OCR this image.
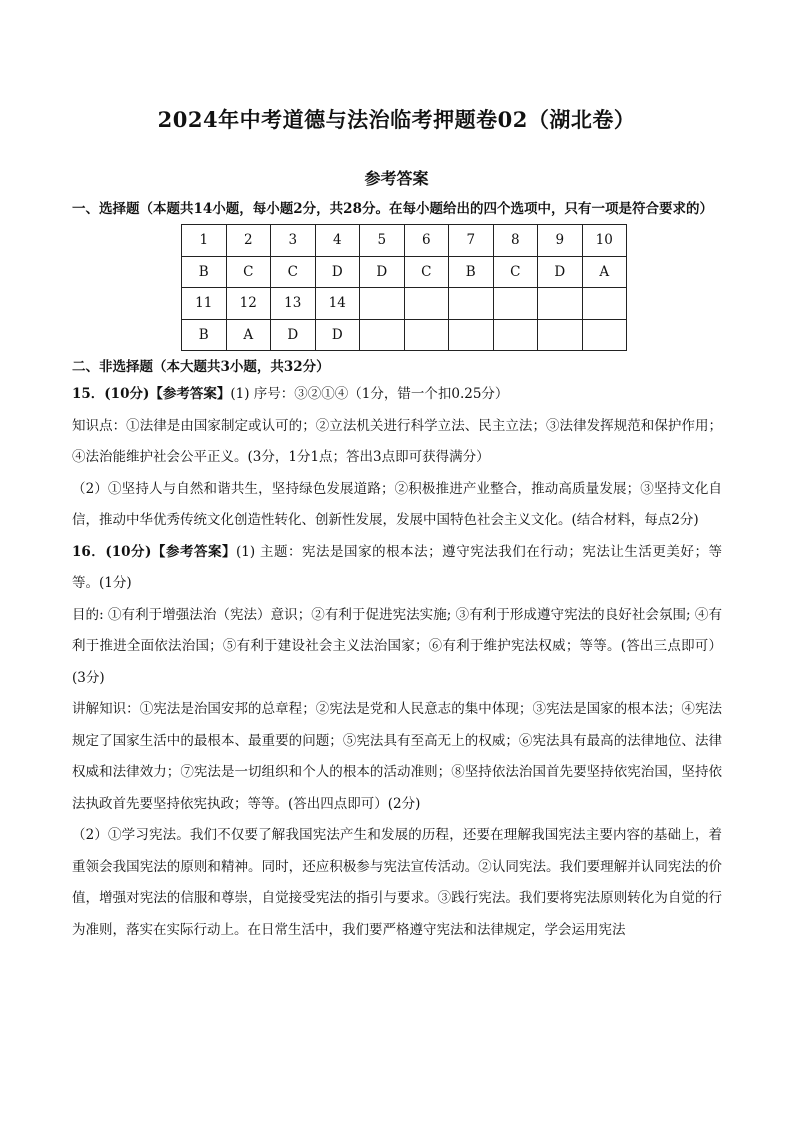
2024年中考道德与法治临考押题卷02（湖北卷）
参考答案
一、选择题（本题共14小题，每小题2分，共28分。在每小题给出的四个选项中，只有一项是符合要求的）
1	2	3	4	5	6	7	8	9	10
B	C	C	D	D	C	B	C	D	A
11	12	13	14						
B	A	D	D						
二、非选择题（本大题共3小题，共32分）

15．(10分)【参考答案】(1) 序号：③②①④（1分，错一个扣0.25分）

知识点：①法律是由国家制定或认可的；②立法机关进行科学立法、民主立法；③法律发挥规范和保护作用；④法治能维护社会公平正义。(3分，1分1点；答出3点即可获得满分）

（2）①坚持人与自然和谐共生，坚持绿色发展道路；②积极推进产业整合，推动高质量发展；③坚持文化自信，推动中华优秀传统文化创造性转化、创新性发展，发展中国特色社会主义文化。(结合材料，每点2分)

16．(10分)【参考答案】(1) 主题：宪法是国家的根本法；遵守宪法我们在行动；宪法让生活更美好；等等。(1分)

目的: ①有利于增强法治（宪法）意识；②有利于促进宪法实施; ③有利于形成遵守宪法的良好社会氛围; ④有利于推进全面依法治国；⑤有利于建设社会主义法治国家；⑥有利于维护宪法权威；等等。(答出三点即可）(3分)

讲解知识：①宪法是治国安邦的总章程；②宪法是党和人民意志的集中体现；③宪法是国家的根本法；④宪法规定了国家生活中的最根本、最重要的问题；⑤宪法具有至高无上的权威；⑥宪法具有最高的法律地位、法律权威和法律效力；⑦宪法是一切组织和个人的根本的活动准则；⑧坚持依法治国首先要坚持依宪治国，坚持依法执政首先要坚持依宪执政；等等。(答出四点即可）(2分)

（2）①学习宪法。我们不仅要了解我国宪法产生和发展的历程，还要在理解我国宪法主要内容的基础上，着重领会我国宪法的原则和精神。同时，还应积极参与宪法宣传活动。②认同宪法。我们要理解并认同宪法的价值，增强对宪法的信服和尊崇，自觉接受宪法的指引与要求。③践行宪法。我们要将宪法原则转化为自觉的行为准则，落实在实际行动上。在日常生活中，我们要严格遵守宪法和法律规定，学会运用宪法
